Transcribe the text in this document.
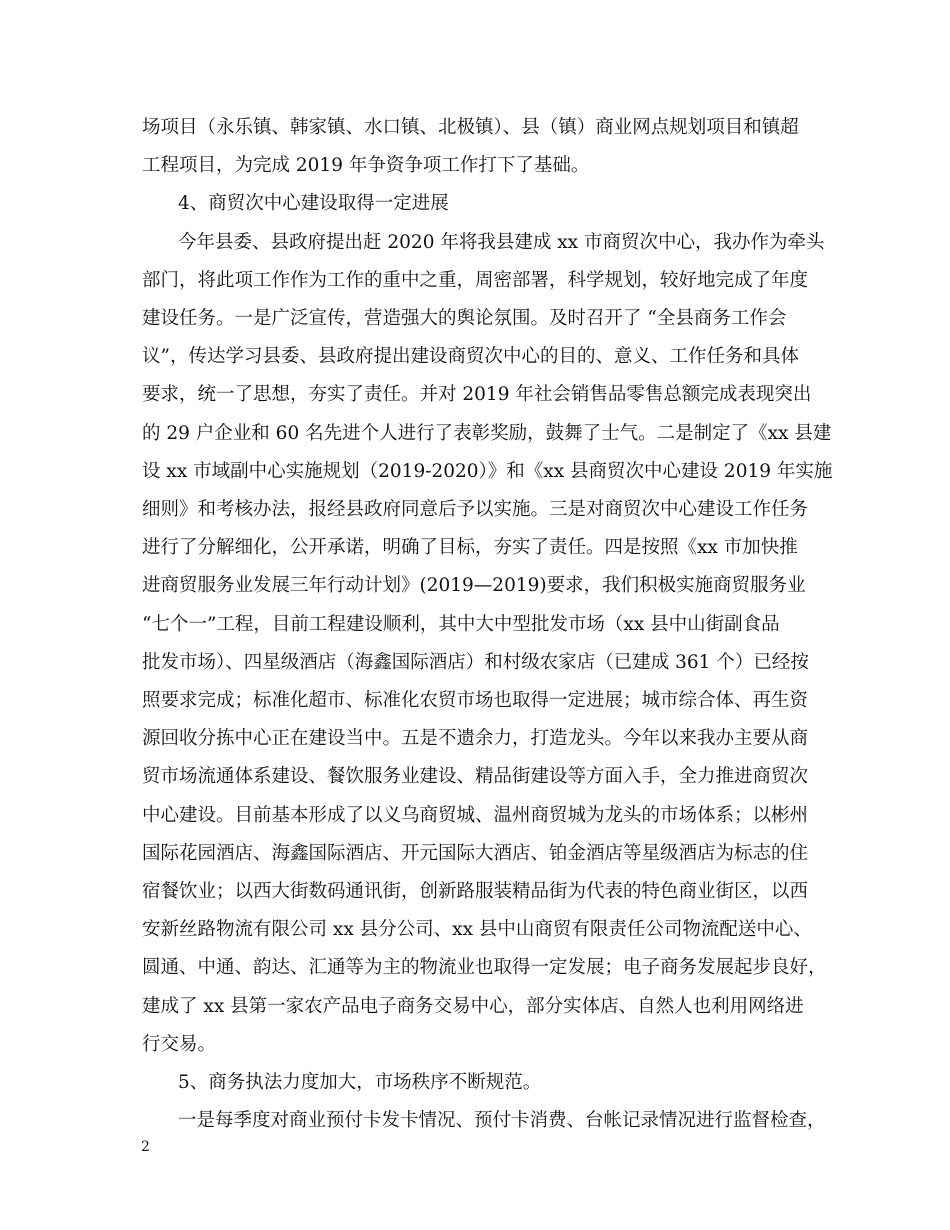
场项目（永乐镇、韩家镇、水口镇、北极镇）、县（镇）商业网点规划项目和镇超
工程项目，为完成 2019 年争资争项工作打下了基础。
4、商贸次中心建设取得一定进展
今年县委、县政府提出赶 2020 年将我县建成 xx 市商贸次中心，我办作为牵头
部门，将此项工作作为工作的重中之重，周密部署，科学规划，较好地完成了年度
建设任务。一是广泛宣传，营造强大的舆论氛围。及时召开了 “全县商务工作会
议”，传达学习县委、县政府提出建设商贸次中心的目的、意义、工作任务和具体
要求，统一了思想，夯实了责任。并对 2019 年社会销售品零售总额完成表现突出
的 29 户企业和 60 名先进个人进行了表彰奖励，鼓舞了士气。二是制定了《xx 县建
设 xx 市域副中心实施规划（2019-2020）》和《xx 县商贸次中心建设 2019 年实施
细则》和考核办法，报经县政府同意后予以实施。三是对商贸次中心建设工作任务
进行了分解细化，公开承诺，明确了目标，夯实了责任。四是按照《xx 市加快推
进商贸服务业发展三年行动计划》(2019—2019)要求，我们积极实施商贸服务业
“七个一”工程，目前工程建设顺利，其中大中型批发市场（xx 县中山街副食品
批发市场）、四星级酒店（海鑫国际酒店）和村级农家店（已建成 361 个）已经按
照要求完成；标准化超市、标准化农贸市场也取得一定进展；城市综合体、再生资
源回收分拣中心正在建设当中。五是不遗余力，打造龙头。今年以来我办主要从商
贸市场流通体系建设、餐饮服务业建设、精品街建设等方面入手，全力推进商贸次
中心建设。目前基本形成了以义乌商贸城、温州商贸城为龙头的市场体系；以彬州
国际花园酒店、海鑫国际酒店、开元国际大酒店、铂金酒店等星级酒店为标志的住
宿餐饮业；以西大街数码通讯街，创新路服装精品街为代表的特色商业街区，以西
安新丝路物流有限公司 xx 县分公司、xx 县中山商贸有限责任公司物流配送中心、
圆通、中通、韵达、汇通等为主的物流业也取得一定发展；电子商务发展起步良好，
建成了 xx 县第一家农产品电子商务交易中心，部分实体店、自然人也利用网络进
行交易。
5、商务执法力度加大，市场秩序不断规范。
2
一是每季度对商业预付卡发卡情况、预付卡消费、台帐记录情况进行监督检查，
